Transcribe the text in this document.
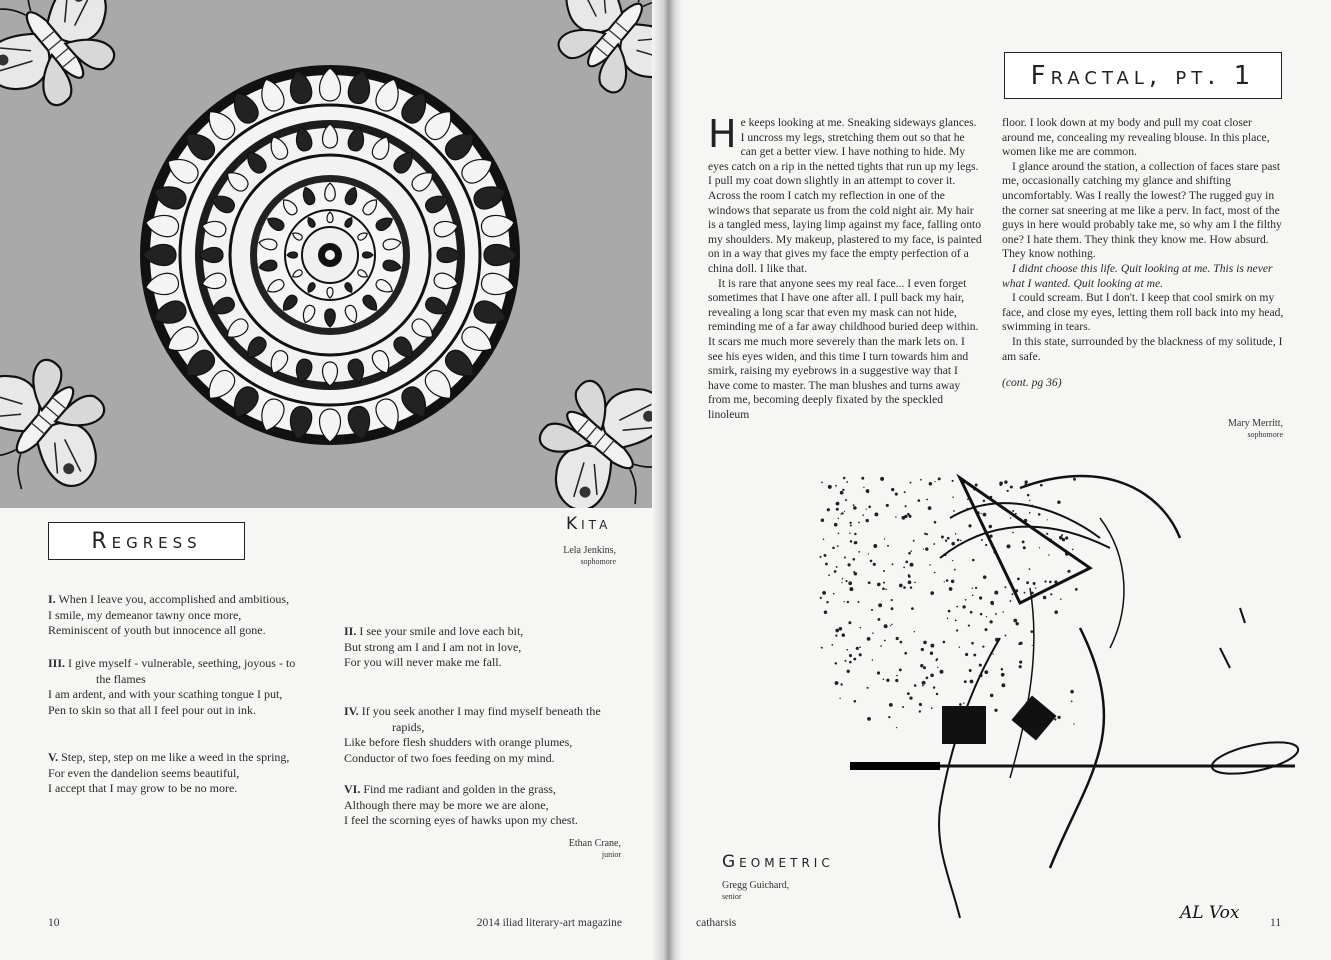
Kita
Lela Jenkins,
sophomore
Regress

I. When I leave you, accomplished and ambitious,

I smile, my demeanor tawny once more,

Reminiscent of youth but innocence all gone.	II. I see your smile and love each bit,

But strong am I and I am not in love,

For you will never make me fall.

III. I give myself - vulnerable, seething, joyous - to

the flames

I am ardent, and with your scathing tongue I put,

Pen to skin so that all I feel pour out in ink.	IV. If you seek another I may find myself beneath the

rapids,

Like before flesh shudders with orange plumes,

Conductor of two foes feeding on my mind.

V. Step, step, step on me like a weed in the spring,

For even the dandelion seems beautiful,

I accept that I may grow to be no more.	VI. Find me radiant and golden in the grass,

Although there may be more we are alone,

I feel the scorning eyes of hawks upon my chest.

Ethan Crane,
junior
10	2014 iliad literary-art magazine
Fractal, pt. 1

He keeps looking at me. Sneaking sideways glances. I uncross my legs, stretching them out so that he can get a better view. I have nothing to hide. My eyes catch on a rip in the netted tights that run up my legs. I pull my coat down slightly in an attempt to cover it. Across the room I catch my reflection in one of the windows that separate us from the cold night air. My hair is a tangled mess, laying limp against my face, falling onto my shoulders. My makeup, plastered to my face, is painted on in a way that gives my face the empty perfection of a china doll. I like that.

It is rare that anyone sees my real face... I even forget sometimes that I have one after all. I pull back my hair, revealing a long scar that even my mask can not hide, reminding me of a far away childhood buried deep within. It scars me much more severely than the mark lets on. I see his eyes widen, and this time I turn towards him and smirk, raising my eyebrows in a suggestive way that I have come to master. The man blushes and turns away from me, becoming deeply fixated by the speckled linoleum

floor. I look down at my body and pull my coat closer around me, concealing my revealing blouse. In this place, women like me are common.

I glance around the station, a collection of faces stare past me, occasionally catching my glance and shifting uncomfortably. Was I really the lowest? The rugged guy in the corner sat sneering at me like a perv. In fact, most of the guys in here would probably take me, so why am I the filthy one? I hate them. They think they know me. How absurd. They know nothing.

I didnt choose this life. Quit looking at me. This is never what I wanted. Quit looking at me.

I could scream. But I don't. I keep that cool smirk on my face, and close my eyes, letting them roll back into my head, swimming in tears.

In this state, surrounded by the blackness of my solitude, I am safe.

(cont. pg 36)

Mary Merritt,
sophomore
AL Vox
Geometric
Gregg Guichard,
senior
catharsis	11
